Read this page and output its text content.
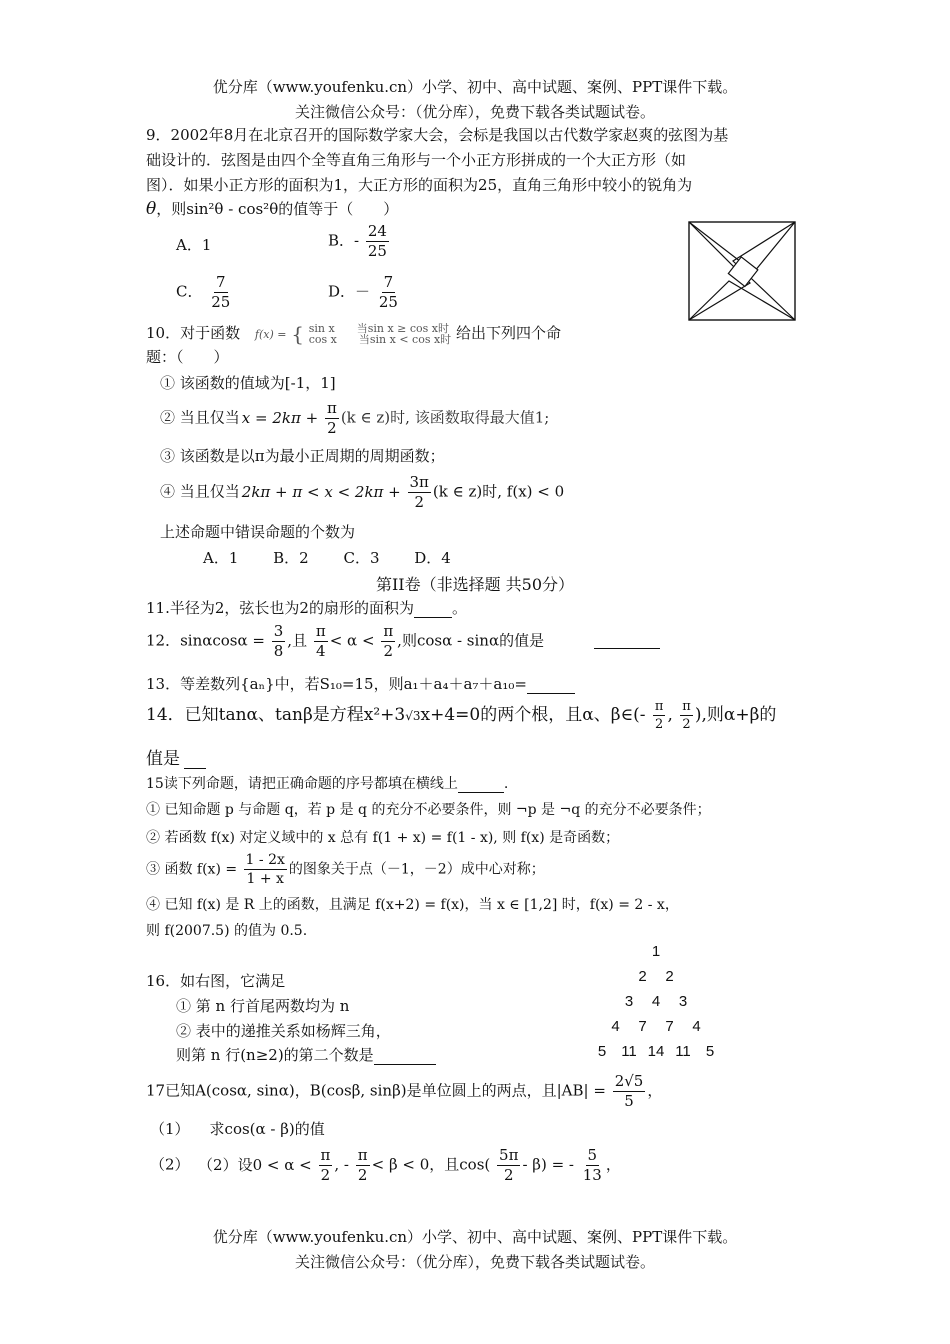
优分库（www.youfenku.cn）小学、初中、高中试题、案例、PPT课件下载。
关注微信公众号：（优分库），免费下载各类试题试卷。
9．2002年8月在北京召开的国际数学家大会，会标是我国以古代数学家赵爽的弦图为基
础设计的．弦图是由四个全等直角三角形与一个小正方形拼成的一个大正方形（如
图）．如果小正方形的面积为1，大正方形的面积为25，直角三角形中较小的锐角为
θ，则sin²θ - cos²θ的值等于（　　）
A．1	B．- $\frac{24}{25}$
C． $\frac{7}{25}$	D．－ $\frac{7}{25}$
10．对于函数 f(x) = { sin x　　当sin x ≥ cos x时
cos x　　当sin x < cos x时 给出下列四个命
题：（　　）
① 该函数的值域为[-1，1]
② 当且仅当 $x = 2k\pi + \frac{\pi}{2} (k$ ∈ z)时, 该函数取得最大值1;
③ 该函数是以π为最小正周期的周期函数；
④ 当且仅当 $2k\pi + \pi < x < 2k\pi + \frac{3\pi}{2} (k$ ∈ z)时, f(x) < 0
上述命题中错误命题的个数为
A．1　　 B．2　　 C．3　　 D．4
第II卷（非选择题 共50分）
11.半径为2，弦长也为2的扇形的面积为	。
12．$\sin\alpha\cos\alpha = \frac{3}{8}$ ,且 $\frac{\pi}{4} < \alpha < \frac{\pi}{2}$ ,则cosα - sinα的值是
13．等差数列{aₙ}中，若S₁₀=15，则a₁＋a₄＋a₇＋a₁₀=
14．已知tanα、tanβ是方程x²+3√3x+4=0的两个根，且α、β∈(- $\frac{\pi}{2}$ , $\frac{\pi}{2}$ ),则α+β的
值是
15读下列命题，请把正确命题的序号都填在横线上	.
① 已知命题 p 与命题 q，若 p 是 q 的充分不必要条件，则 ¬p 是 ¬q 的充分不必要条件；
② 若函数 f(x) 对定义域中的 x 总有 f(1 + x) = f(1 - x), 则 f(x) 是奇函数；
③ 函数 $f(x) = \frac{1 - 2x}{1 + x}$ 的图象关于点（－1，－2）成中心对称；
④ 已知 f(x) 是 R 上的函数，且满足 f(x+2) = f(x)，当 x ∈ [1,2] 时，f(x) = 2 - x，
则 f(2007.5) 的值为 0.5.
16．如右图，它满足
① 第 n 行首尾两数均为 n
② 表中的递推关系如杨辉三角，
则第 n 行(n≥2)的第二个数是
1
2	2
3	4	3
4	7	7	4
5	11 14 11	5
17已知A(cosα, sinα)，B(cosβ, sinβ)是单位圆上的两点，且$|AB| = \frac{2√5}{5}$ ，
（1） 求cos(α - β)的值
（2） （2）设$0 < \alpha < \frac{\pi}{2}$ , - $\frac{\pi}{2} < \beta < 0$，且$\cos( \frac{5\pi}{2} - \beta)$ = - $\frac{5}{13}$ ，
优分库（www.youfenku.cn）小学、初中、高中试题、案例、PPT课件下载。
关注微信公众号：（优分库），免费下载各类试题试卷。
